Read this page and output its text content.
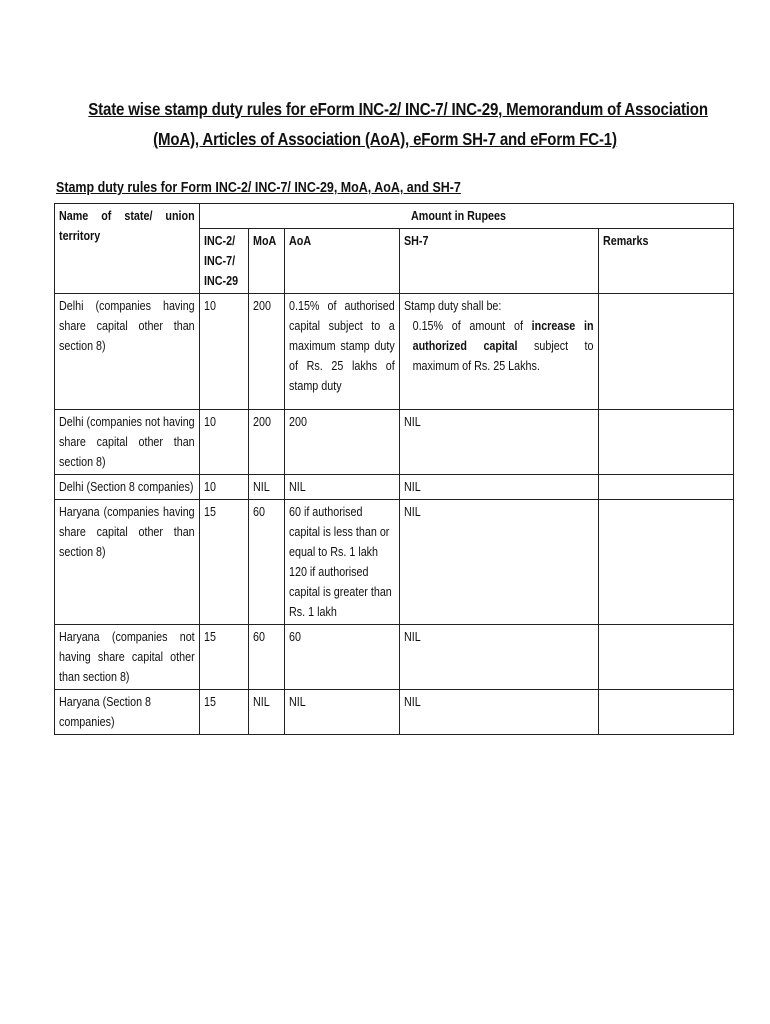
State wise stamp duty rules for eForm INC-2/ INC-7/ INC-29, Memorandum of Association
(MoA), Articles of Association (AoA), eForm SH-7 and eForm FC-1)
Stamp duty rules for Form INC-2/ INC-7/ INC-29, MoA, AoA, and SH-7
Name of state/ union territory	Amount in Rupees				
	INC-2/ INC-7/ INC-29	MoA	AoA	SH-7	Remarks
Delhi (companies having share capital other than section 8)	10	200	0.15% of authorised capital subject to a maximum stamp duty of Rs. 25 lakhs of stamp duty	Stamp duty shall be:

0.15% of amount of increase in authorized capital subject to maximum of Rs. 25 Lakhs.	

Delhi (companies not having share capital other than section 8)	10	200	200	NIL	
Delhi (Section 8 companies)	10	NIL	NIL	NIL	
Haryana (companies having share capital other than section 8)	15	60	60 if authorised capital is less than or equal to Rs. 1 lakh
120 if authorised capital is greater than Rs. 1 lakh	NIL	
Haryana (companies not having share capital other than section 8)	15	60	60	NIL	
Haryana (Section 8 companies)	15	NIL	NIL	NIL	
